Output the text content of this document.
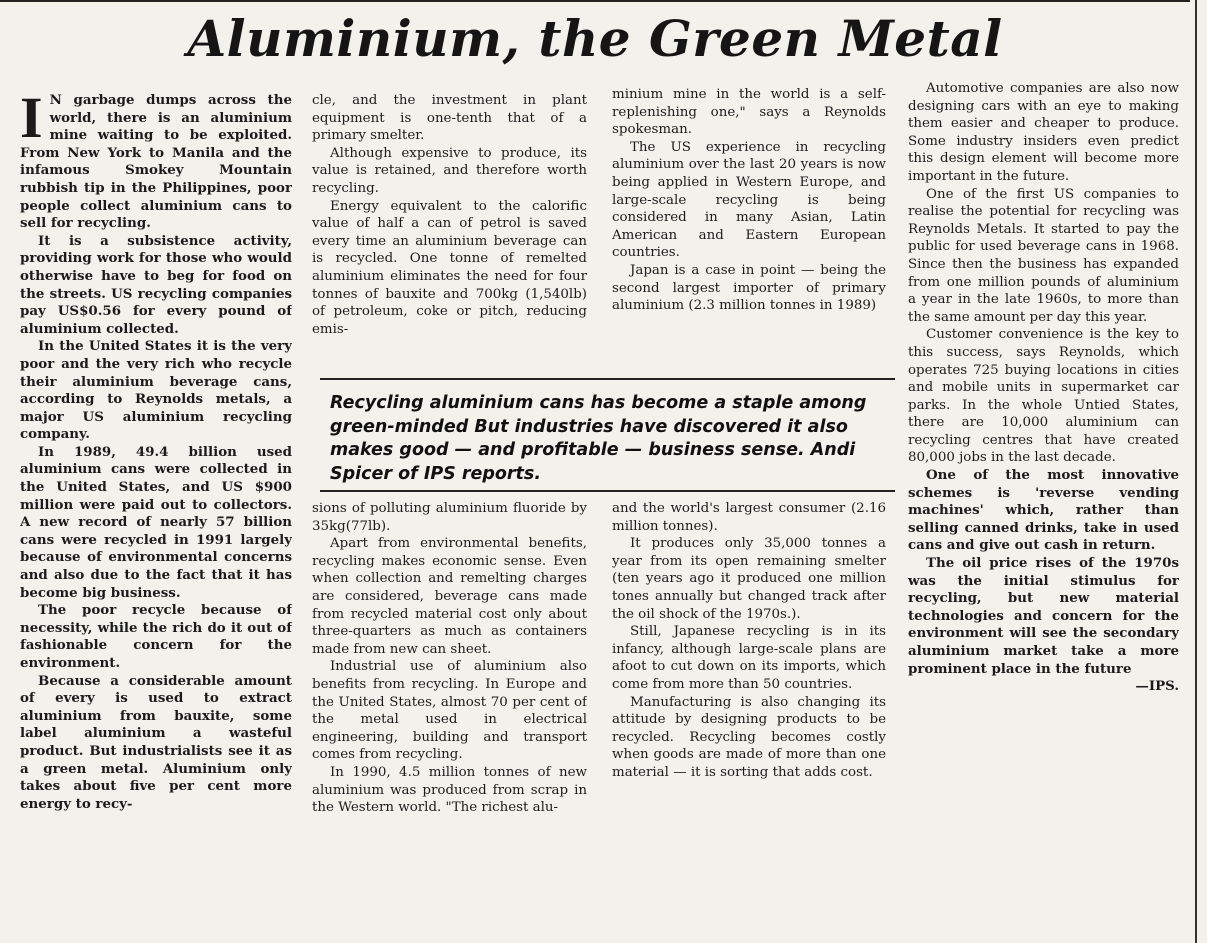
Aluminium, the Green Metal

I N garbage dumps across the world, there is an aluminium mine waiting to be exploited. From New York to Manila and the infamous Smokey Mountain rubbish tip in the Philippines, poor people collect aluminium cans to sell for recycling.

It is a subsistence activity, providing work for those who would otherwise have to beg for food on the streets. US recycling companies pay US$0.56 for every pound of aluminium collected.

In the United States it is the very poor and the very rich who recycle their aluminium beverage cans, according to Reynolds metals, a major US aluminium recycling company.

In 1989, 49.4 billion used aluminium cans were collected in the United States, and US $900 million were paid out to collectors. A new record of nearly 57 billion cans were recycled in 1991 largely because of environmental concerns and also due to the fact that it has become big business.

The poor recycle because of necessity, while the rich do it out of fashionable concern for the environment.

Because a considerable amount of every is used to extract aluminium from bauxite, some label aluminium a wasteful product. But industrialists see it as a green metal. Aluminium only takes about five per cent more energy to recy-

cle, and the investment in plant equipment is one-tenth that of a primary smelter.

Although expensive to produce, its value is retained, and therefore worth recycling.

Energy equivalent to the calorific value of half a can of petrol is saved every time an aluminium beverage can is recycled. One tonne of remelted aluminium eliminates the need for four tonnes of bauxite and 700kg (1,540lb) of petroleum, coke or pitch, reducing emis-

minium mine in the world is a self-replenishing one," says a Reynolds spokesman.

The US experience in recycling aluminium over the last 20 years is now being applied in Western Europe, and large-scale recycling is being considered in many Asian, Latin American and Eastern European countries.

Japan is a case in point — being the second largest importer of primary aluminium (2.3 million tonnes in 1989)

Recycling aluminium cans has become a staple among green-minded But industries have discovered it also makes good — and profitable — business sense. Andi Spicer of IPS reports.

sions of polluting aluminium fluoride by 35kg(77lb).

Apart from environmental benefits, recycling makes economic sense. Even when collection and remelting charges are considered, beverage cans made from recycled material cost only about three-quarters as much as containers made from new can sheet.

Industrial use of aluminium also benefits from recycling. In Europe and the United States, almost 70 per cent of the metal used in electrical engineering, building and transport comes from recycling.

In 1990, 4.5 million tonnes of new aluminium was produced from scrap in the Western world. "The richest alu-

and the world's largest consumer (2.16 million tonnes).

It produces only 35,000 tonnes a year from its open remaining smelter (ten years ago it produced one million tones annually but changed track after the oil shock of the 1970s.).

Still, Japanese recycling is in its infancy, although large-scale plans are afoot to cut down on its imports, which come from more than 50 countries.

Manufacturing is also changing its attitude by designing products to be recycled. Recycling becomes costly when goods are made of more than one material — it is sorting that adds cost.

Automotive companies are also now designing cars with an eye to making them easier and cheaper to produce. Some industry insiders even predict this design element will become more important in the future.

One of the first US companies to realise the potential for recycling was Reynolds Metals. It started to pay the public for used beverage cans in 1968. Since then the business has expanded from one million pounds of aluminium a year in the late 1960s, to more than the same amount per day this year.

Customer convenience is the key to this success, says Reynolds, which operates 725 buying locations in cities and mobile units in supermarket car parks. In the whole Untied States, there are 10,000 aluminium can recycling centres that have created 80,000 jobs in the last decade.

One of the most innovative schemes is 'reverse vending machines' which, rather than selling canned drinks, take in used cans and give out cash in return.

The oil price rises of the 1970s was the initial stimulus for recycling, but new material technologies and concern for the environment will see the secondary aluminium market take a more prominent place in the future
—IPS.
